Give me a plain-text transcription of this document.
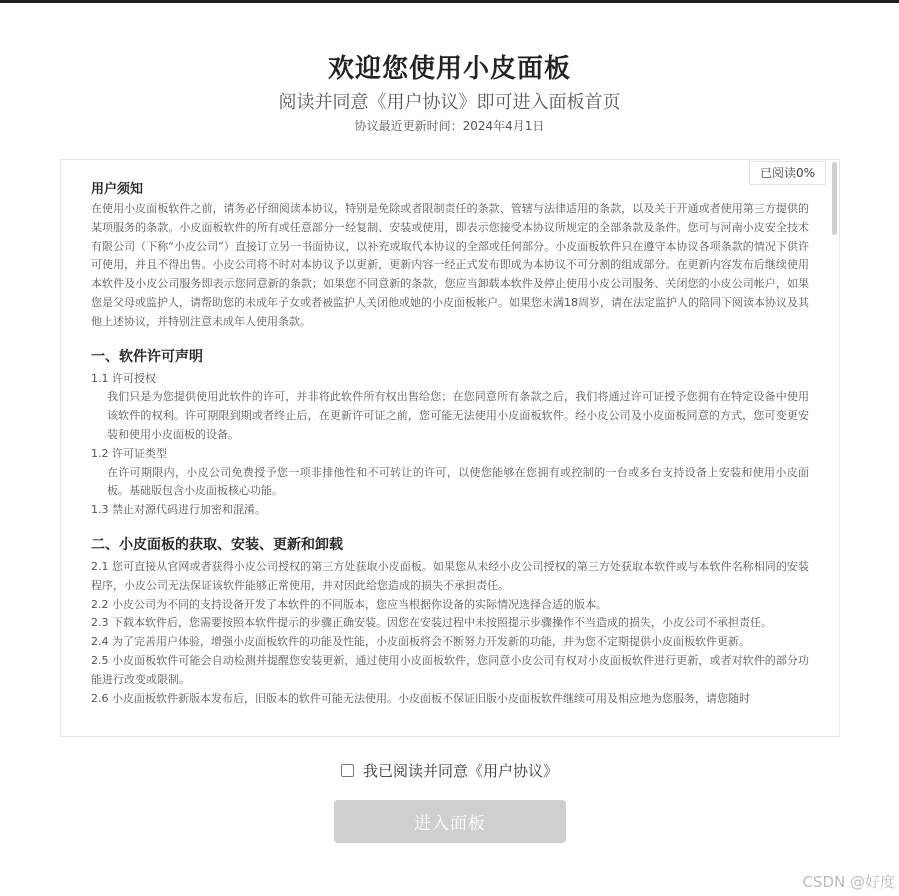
欢迎您使用小皮面板
阅读并同意《用户协议》即可进入面板首页
协议最近更新时间：2024年4月1日
用户须知

在使用小皮面板软件之前，请务必仔细阅读本协议，特别是免除或者限制责任的条款、管辖与法律适用的条款，以及关于开通或者使用第三方提供的某项服务的条款。小皮面板软件的所有或任意部分一经复制、安装或使用，即表示您接受本协议所规定的全部条款及条件。您可与河南小皮安全技术有限公司（下称“小皮公司”）直接订立另一书面协议，以补充或取代本协议的全部或任何部分。小皮面板软件只在遵守本协议各项条款的情况下供许可使用，并且不得出售。小皮公司将不时对本协议予以更新，更新内容一经正式发布即成为本协议不可分割的组成部分。在更新内容发布后继续使用本软件及小皮公司服务即表示您同意新的条款；如果您不同意新的条款，您应当卸载本软件及停止使用小皮公司服务、关闭您的小皮公司帐户，如果您是父母或监护人，请帮助您的未成年子女或者被监护人关闭他或她的小皮面板帐户。如果您未满18周岁，请在法定监护人的陪同下阅读本协议及其他上述协议，并特别注意未成年人使用条款。

一、软件许可声明

1.1 许可授权

我们只是为您提供使用此软件的许可，并非将此软件所有权出售给您；在您同意所有条款之后，我们将通过许可证授予您拥有在特定设备中使用该软件的权利。许可期限到期或者终止后，在更新许可证之前，您可能无法使用小皮面板软件。经小皮公司及小皮面板同意的方式，您可变更安装和使用小皮面板的设备。

1.2 许可证类型

在许可期限内，小皮公司免费授予您一项非排他性和不可转让的许可，以使您能够在您拥有或控制的一台或多台支持设备上安装和使用小皮面板。基础版包含小皮面板核心功能。

1.3 禁止对源代码进行加密和混淆。

二、小皮面板的获取、安装、更新和卸载

2.1 您可直接从官网或者获得小皮公司授权的第三方处获取小皮面板。如果您从未经小皮公司授权的第三方处获取本软件或与本软件名称相同的安装程序，小皮公司无法保证该软件能够正常使用，并对因此给您造成的损失不承担责任。

2.2 小皮公司为不同的支持设备开发了本软件的不同版本，您应当根据你设备的实际情况选择合适的版本。

2.3 下载本软件后，您需要按照本软件提示的步骤正确安装。因您在安装过程中未按照提示步骤操作不当造成的损失，小皮公司不承担责任。

2.4 为了完善用户体验，增强小皮面板软件的功能及性能，小皮面板将会不断努力开发新的功能，并为您不定期提供小皮面板软件更新。

2.5 小皮面板软件可能会自动检测并提醒您安装更新，通过使用小皮面板软件，您同意小皮公司有权对小皮面板软件进行更新，或者对软件的部分功能进行改变或限制。

2.6 小皮面板软件新版本发布后，旧版本的软件可能无法使用。小皮面板不保证旧版小皮面板软件继续可用及相应地为您服务，请您随时

已阅读0%
我已阅读并同意《用户协议》
进入面板
CSDN @好度
